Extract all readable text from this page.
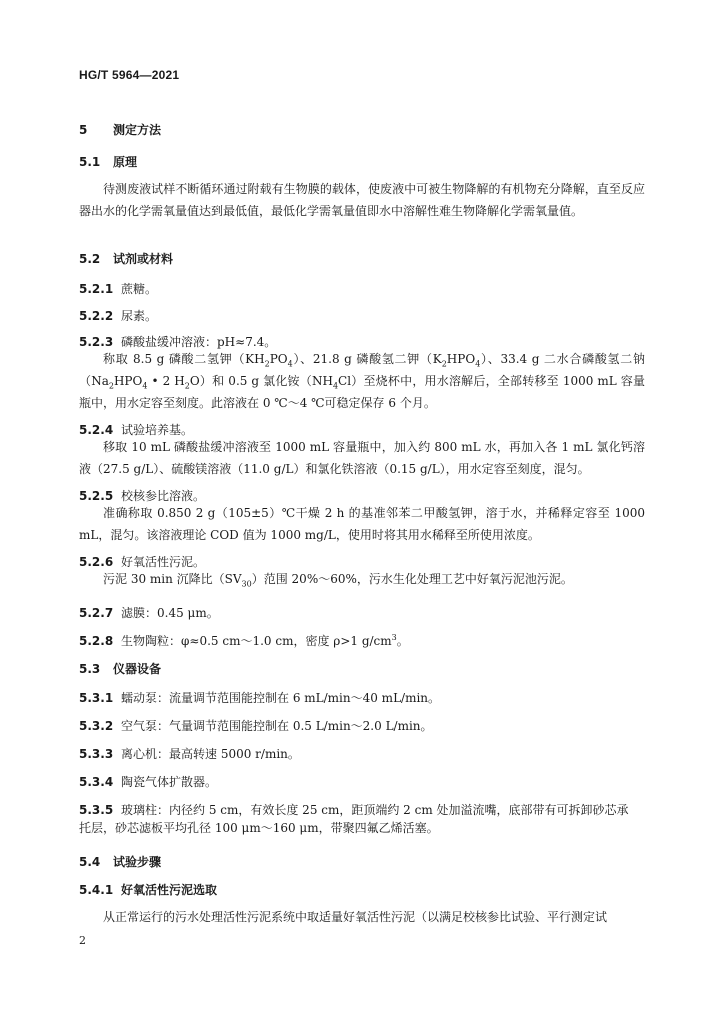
HG/T 5964—2021
5 测定方法
5.1 原理
待测废液试样不断循环通过附载有生物膜的载体，使废液中可被生物降解的有机物充分降解，直至反应器出水的化学需氧量值达到最低值，最低化学需氧量值即水中溶解性难生物降解化学需氧量值。
5.2 试剂或材料
5.2.1 蔗糖。
5.2.2 尿素。
5.2.3 磷酸盐缓冲溶液：pH≈7.4。
称取 8.5 g 磷酸二氢钾$(KH_2PO_4)$、21.8 g 磷酸氢二钾$(K_2HPO_4)$、33.4 g 二水合磷酸氢二钠（$Na_2HPO_4$ • 2 $H_2O$）和 0.5 g 氯化铵$(NH_4Cl)$至烧杯中，用水溶解后，全部转移至 1000 mL 容量瓶中，用水定容至刻度。此溶液在 0 ℃～4 ℃可稳定保存 6 个月。
5.2.4 试验培养基。
移取 10 mL 磷酸盐缓冲溶液至 1000 mL 容量瓶中，加入约 800 mL 水，再加入各 1 mL 氯化钙溶液（27.5 g/L）、硫酸镁溶液（11.0 g/L）和氯化铁溶液（0.15 g/L），用水定容至刻度，混匀。
5.2.5 校核参比溶液。
准确称取 0.850 2 g（105±5）℃干燥 2 h 的基准邻苯二甲酸氢钾，溶于水，并稀释定容至 1000 mL，混匀。该溶液理论 COD 值为 1000 mg/L，使用时将其用水稀释至所使用浓度。
5.2.6 好氧活性污泥。
污泥 30 min 沉降比$(SV_{30})$范围 20%～60%，污水生化处理工艺中好氧污泥池污泥。
5.2.7 滤膜：0.45 μm。
5.2.8 生物陶粒：φ≈0.5 cm～1.0 cm，密度 ρ>1 $g/cm^3$。
5.3 仪器设备
5.3.1 蠕动泵：流量调节范围能控制在 6 mL/min～40 mL/min。
5.3.2 空气泵：气量调节范围能控制在 0.5 L/min～2.0 L/min。
5.3.3 离心机：最高转速 5000 r/min。
5.3.4 陶瓷气体扩散器。
5.3.5 玻璃柱：内径约 5 cm，有效长度 25 cm，距顶端约 2 cm 处加溢流嘴，底部带有可拆卸砂芯承
托层，砂芯滤板平均孔径 100 μm～160 μm，带聚四氟乙烯活塞。
5.4 试验步骤
5.4.1 好氧活性污泥选取
从正常运行的污水处理活性污泥系统中取适量好氧活性污泥（以满足校核参比试验、平行测定试
2
